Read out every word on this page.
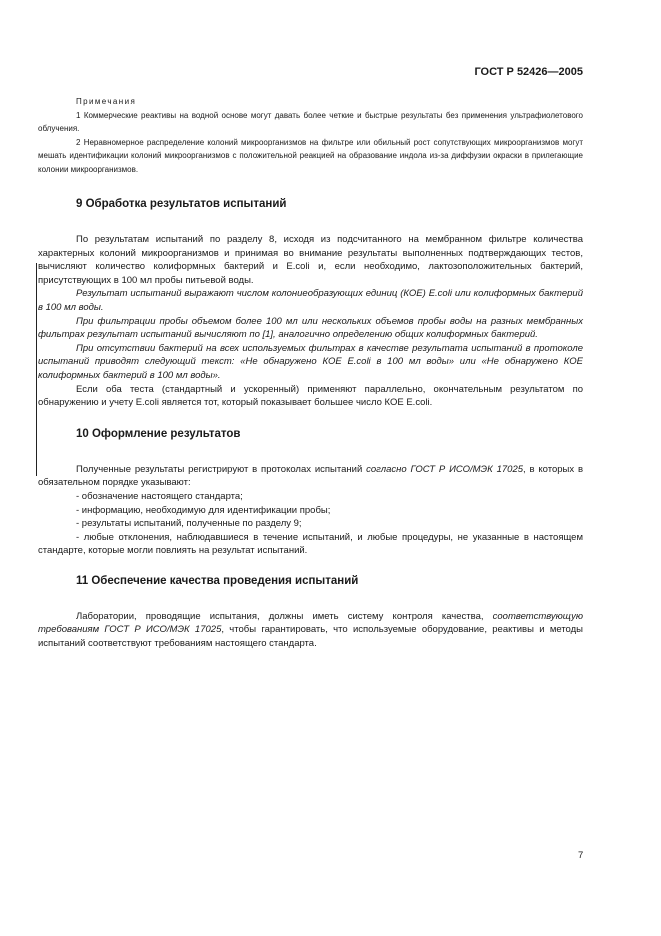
ГОСТ Р 52426—2005
Примечания

1 Коммерческие реактивы на водной основе могут давать более четкие и быстрые результаты без применения ультрафиолетового облучения.

2 Неравномерное распределение колоний микроорганизмов на фильтре или обильный рост сопутствующих микроорганизмов могут мешать идентификации колоний микроорганизмов с положительной реакцией на образование индола из-за диффузии окраски в прилегающие колонии микроорганизмов.

9 Обработка результатов испытаний

По результатам испытаний по разделу 8, исходя из подсчитанного на мембранном фильтре количества характерных колоний микроорганизмов и принимая во внимание результаты выполненных подтверждающих тестов, вычисляют количество колиформных бактерий и E.coli и, если необходимо, лактозоположительных бактерий, присутствующих в 100 мл пробы питьевой воды.

Результат испытаний выражают числом колониеобразующих единиц (КОЕ) E.coli или колиформных бактерий в 100 мл воды.

При фильтрации пробы объемом более 100 мл или нескольких объемов пробы воды на разных мембранных фильтрах результат испытаний вычисляют по [1], аналогично определению общих колиформных бактерий.

При отсутствии бактерий на всех используемых фильтрах в качестве результата испытаний в протоколе испытаний приводят следующий текст: «Не обнаружено КОЕ E.coli в 100 мл воды» или «Не обнаружено КОЕ колиформных бактерий в 100 мл воды».

Если оба теста (стандартный и ускоренный) применяют параллельно, окончательным результатом по обнаружению и учету E.coli является тот, который показывает большее число КОЕ E.coli.

10 Оформление результатов

Полученные результаты регистрируют в протоколах испытаний согласно ГОСТ Р ИСО/МЭК 17025, в которых в обязательном порядке указывают:

- обозначение настоящего стандарта;

- информацию, необходимую для идентификации пробы;

- результаты испытаний, полученные по разделу 9;

- любые отклонения, наблюдавшиеся в течение испытаний, и любые процедуры, не указанные в настоящем стандарте, которые могли повлиять на результат испытаний.

11 Обеспечение качества проведения испытаний

Лаборатории, проводящие испытания, должны иметь систему контроля качества, соответствующую требованиям ГОСТ Р ИСО/МЭК 17025, чтобы гарантировать, что используемые оборудование, реактивы и методы испытаний соответствуют требованиям настоящего стандарта.

7
